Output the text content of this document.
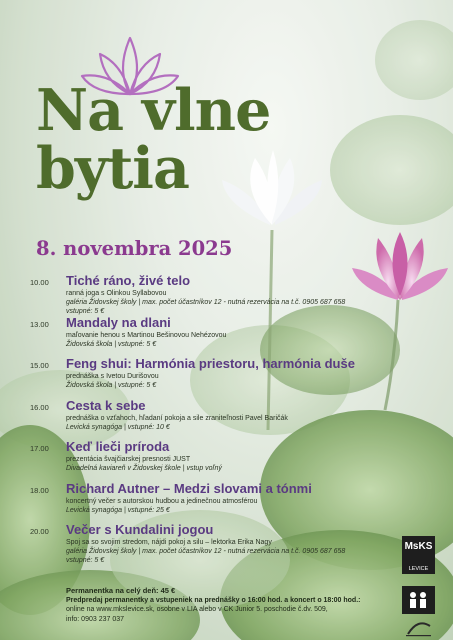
Na vlne
bytia
8. novembra 2025
10.00 Tiché ráno, živé telo
ranná joga s Olinkou Syllabovou
galéria Židovskej školy | max. počet účastníkov 12 - nutná rezervácia na t.č. 0905 687 658
vstupné: 5 €
13.00 Mandaly na dlani
maľovanie henou s Martinou Bešinovou Nehézovou
Židovská škola | vstupné: 5 €
15.00 Feng shui: Harmónia priestoru, harmónia duše
prednáška s Ivetou Durišovou
Židovská škola | vstupné: 5 €
16.00 Cesta k sebe
prednáška o vzťahoch, hľadaní pokoja a sile zraniteľnosti Pavel Baričák
Levická synagóga | vstupné: 10 €
17.00 Keď lieči príroda
prezentácia švajčiarskej presnosti JUST
Divadelná kaviareň v Židovskej škole | vstup voľný
18.00 Richard Autner – Medzi slovami a tónmi
koncertný večer s autorskou hudbou a jedinečnou atmosférou
Levická synagóga | vstupné: 25 €
20.00 Večer s Kundalini jogou
Spoj sa so svojim stredom, nájdi pokoj a silu – lektorka Erika Nagy
galéria Židovskej školy | max. počet účastníkov 12 - nutná rezervácia na t.č. 0905 687 658
vstupné: 5 €
Permanentka na celý deň: 45 €
Predpredaj permanentky a vstupeniek na prednášky o 16:00 hod. a koncert o 18:00 hod.:
online na www.mkslevice.sk, osobne v LIA alebo v CK Junior 5. poschodie č.dv. 509,
info: 0903 237 037
MsKS
LEVICE
